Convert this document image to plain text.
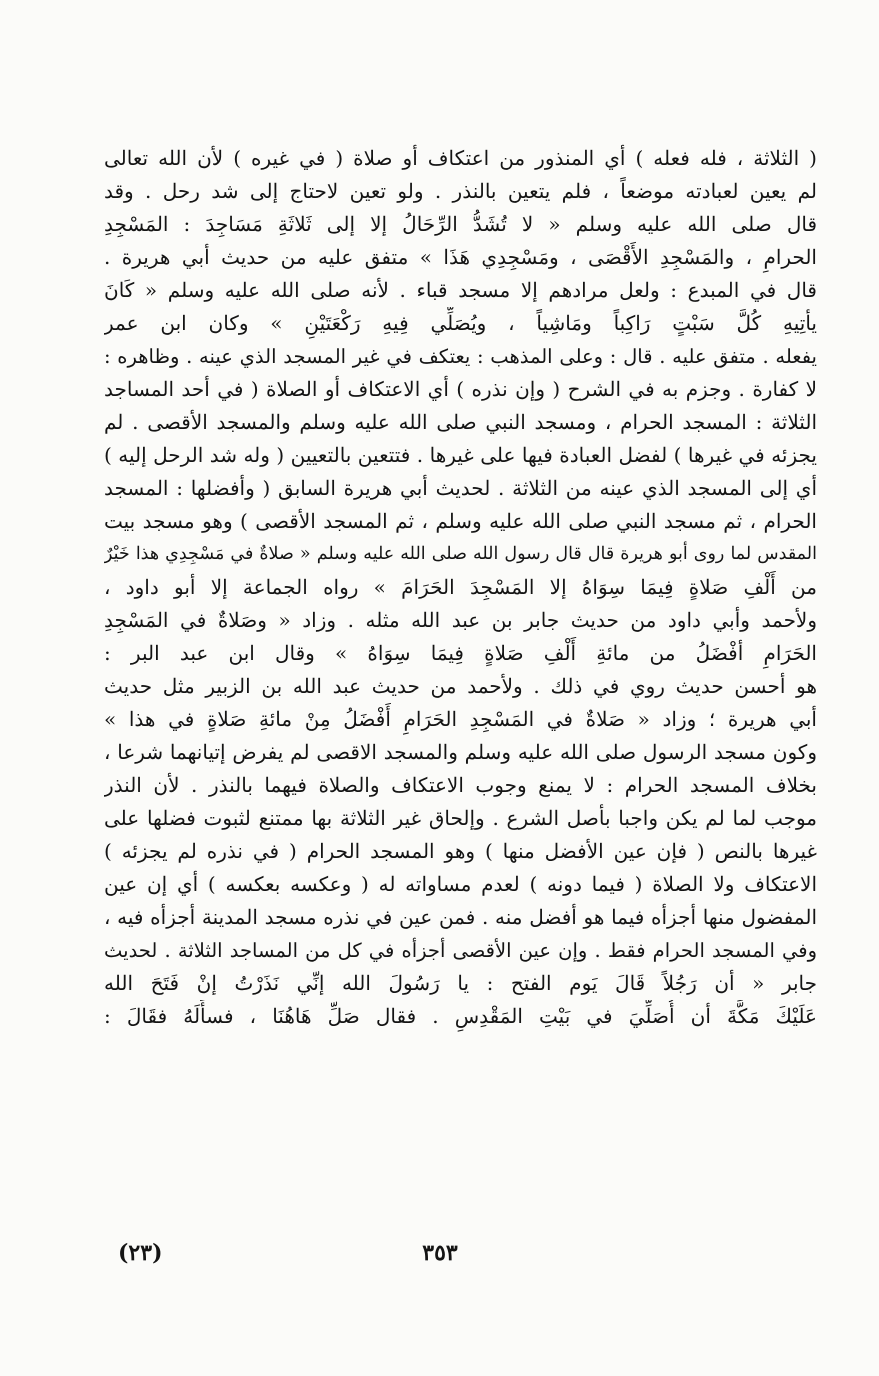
( الثلاثة ، فله فعله ) أي المنذور من اعتكاف أو صلاة ( في غيره ) لأن الله تعالى
لم يعين لعبادته موضعاً ، فلم يتعين بالنذر . ولو تعين لاحتاج إلى شد رحل . وقد
قال صلى الله عليه وسلم « لا تُشَدُّ الرِّحَالُ إلا إلى ثَلاثَةِ مَسَاجِدَ : المَسْجِدِ
الحرامِ ، والمَسْجِدِ الأَقْصَى ، ومَسْجِدِي هَذَا » متفق عليه من حديث أبي هريرة .
قال في المبدع : ولعل مرادهم إلا مسجد قباء . لأنه صلى الله عليه وسلم « كَانَ
يأتِيهِ كُلَّ سَبْتٍ رَاكِباً ومَاشِياً ، ويُصَلِّي فِيهِ رَكْعَتَيْنِ » وكان ابن عمر
يفعله . متفق عليه . قال : وعلى المذهب : يعتكف في غير المسجد الذي عينه . وظاهره :
لا كفارة . وجزم به في الشرح ( وإن نذره ) أي الاعتكاف أو الصلاة ( في أحد المساجد
الثلاثة : المسجد الحرام ، ومسجد النبي صلى الله عليه وسلم والمسجد الأقصى . لم
يجزئه في غيرها ) لفضل العبادة فيها على غيرها . فتتعين بالتعيين ( وله شد الرحل إليه )
أي إلى المسجد الذي عينه من الثلاثة . لحديث أبي هريرة السابق ( وأفضلها : المسجد
الحرام ، ثم مسجد النبي صلى الله عليه وسلم ، ثم المسجد الأقصى ) وهو مسجد بيت
المقدس لما روى أبو هريرة قال قال رسول الله صلى الله عليه وسلم « صلاةٌ في مَسْجِدِي هذا خَيْرٌ
من أَلْفِ صَلاةٍ فِيمَا سِوَاهُ إلا المَسْجِدَ الحَرَامَ » رواه الجماعة إلا أبو داود ،
ولأحمد وأبي داود من حديث جابر بن عبد الله مثله . وزاد « وصَلاةٌ في المَسْجِدِ
الحَرَامِ أفْضَلُ من مائةِ أَلْفِ صَلاةٍ فِيمَا سِوَاهُ » وقال ابن عبد البر :
هو أحسن حديث روي في ذلك . ولأحمد من حديث عبد الله بن الزبير مثل حديث
أبي هريرة ؛ وزاد « صَلاةٌ في المَسْجِدِ الحَرَامِ أَفْضَلُ مِنْ مائةِ صَلاةٍ في هذا »
وكون مسجد الرسول صلى الله عليه وسلم والمسجد الاقصى لم يفرض إتيانهما شرعا ،
بخلاف المسجد الحرام : لا يمنع وجوب الاعتكاف والصلاة فيهما بالنذر . لأن النذر
موجب لما لم يكن واجبا بأصل الشرع . وإلحاق غير الثلاثة بها ممتنع لثبوت فضلها على
غيرها بالنص ( فإن عين الأفضل منها ) وهو المسجد الحرام ( في نذره لم يجزئه )
الاعتكاف ولا الصلاة ( فيما دونه ) لعدم مساواته له ( وعكسه بعكسه ) أي إن عين
المفضول منها أجزأه فيما هو أفضل منه . فمن عين في نذره مسجد المدينة أجزأه فيه ،
وفي المسجد الحرام فقط . وإن عين الأقصى أجزأه في كل من المساجد الثلاثة . لحديث
جابر « أن رَجُلاً قَالَ يَوم الفتح : يا رَسُولَ الله إنِّي نَذَرْتُ إنْ فَتَحَ الله
عَلَيْكَ مَكَّةَ أن أُصَلِّيَ في بَيْتِ المَقْدِسِ . فقال صَلِّ هَاهُنَا ، فسأَلَهُ فقَالَ :
٣٥٣
(٢٣)
